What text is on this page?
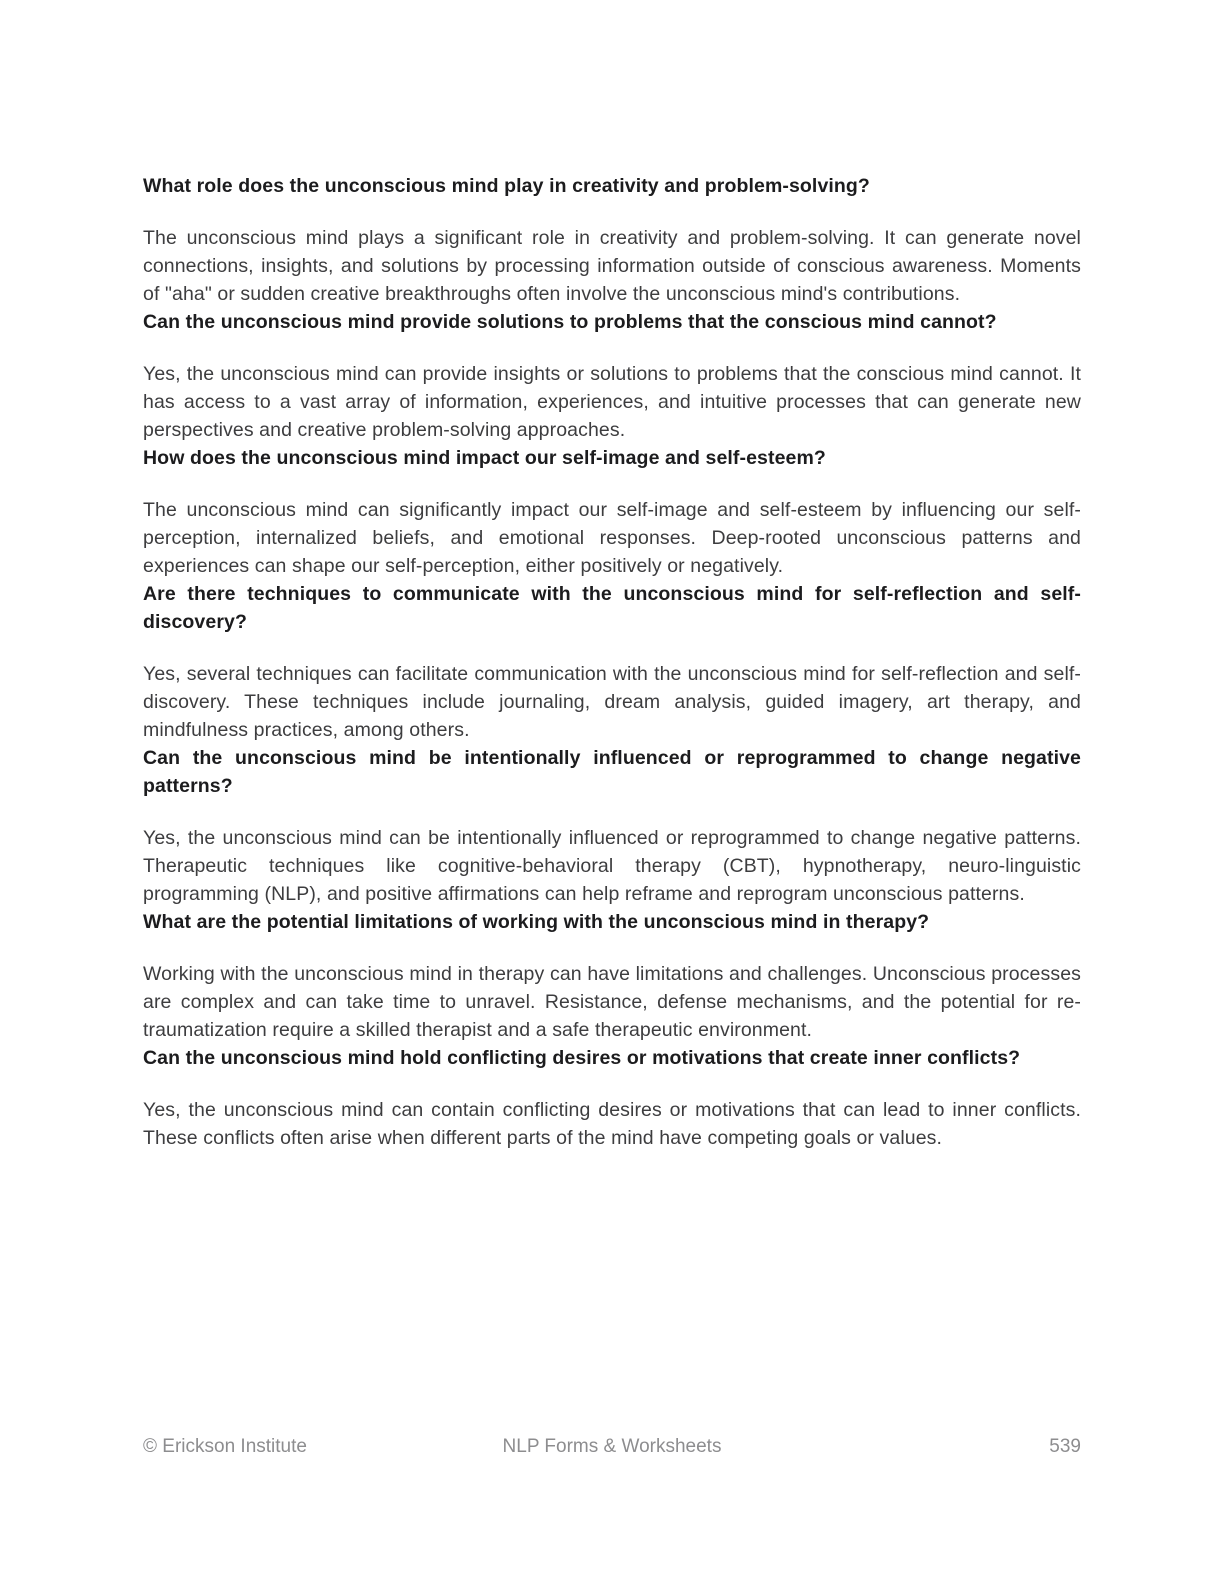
What role does the unconscious mind play in creativity and problem-solving?

The unconscious mind plays a significant role in creativity and problem-solving. It can generate novel connections, insights, and solutions by processing information outside of conscious awareness. Moments of "aha" or sudden creative breakthroughs often involve the unconscious mind's contributions.

Can the unconscious mind provide solutions to problems that the conscious mind cannot?

Yes, the unconscious mind can provide insights or solutions to problems that the conscious mind cannot. It has access to a vast array of information, experiences, and intuitive processes that can generate new perspectives and creative problem-solving approaches.

How does the unconscious mind impact our self-image and self-esteem?

The unconscious mind can significantly impact our self-image and self-esteem by influencing our self-perception, internalized beliefs, and emotional responses. Deep-rooted unconscious patterns and experiences can shape our self-perception, either positively or negatively.

Are there techniques to communicate with the unconscious mind for self-reflection and self-discovery?

Yes, several techniques can facilitate communication with the unconscious mind for self-reflection and self-discovery. These techniques include journaling, dream analysis, guided imagery, art therapy, and mindfulness practices, among others.

Can the unconscious mind be intentionally influenced or reprogrammed to change negative patterns?

Yes, the unconscious mind can be intentionally influenced or reprogrammed to change negative patterns. Therapeutic techniques like cognitive-behavioral therapy (CBT), hypnotherapy, neuro-linguistic programming (NLP), and positive affirmations can help reframe and reprogram unconscious patterns.

What are the potential limitations of working with the unconscious mind in therapy?

Working with the unconscious mind in therapy can have limitations and challenges. Unconscious processes are complex and can take time to unravel. Resistance, defense mechanisms, and the potential for re-traumatization require a skilled therapist and a safe therapeutic environment.

Can the unconscious mind hold conflicting desires or motivations that create inner conflicts?

Yes, the unconscious mind can contain conflicting desires or motivations that can lead to inner conflicts. These conflicts often arise when different parts of the mind have competing goals or values.

© Erickson Institute	NLP Forms & Worksheets	539
